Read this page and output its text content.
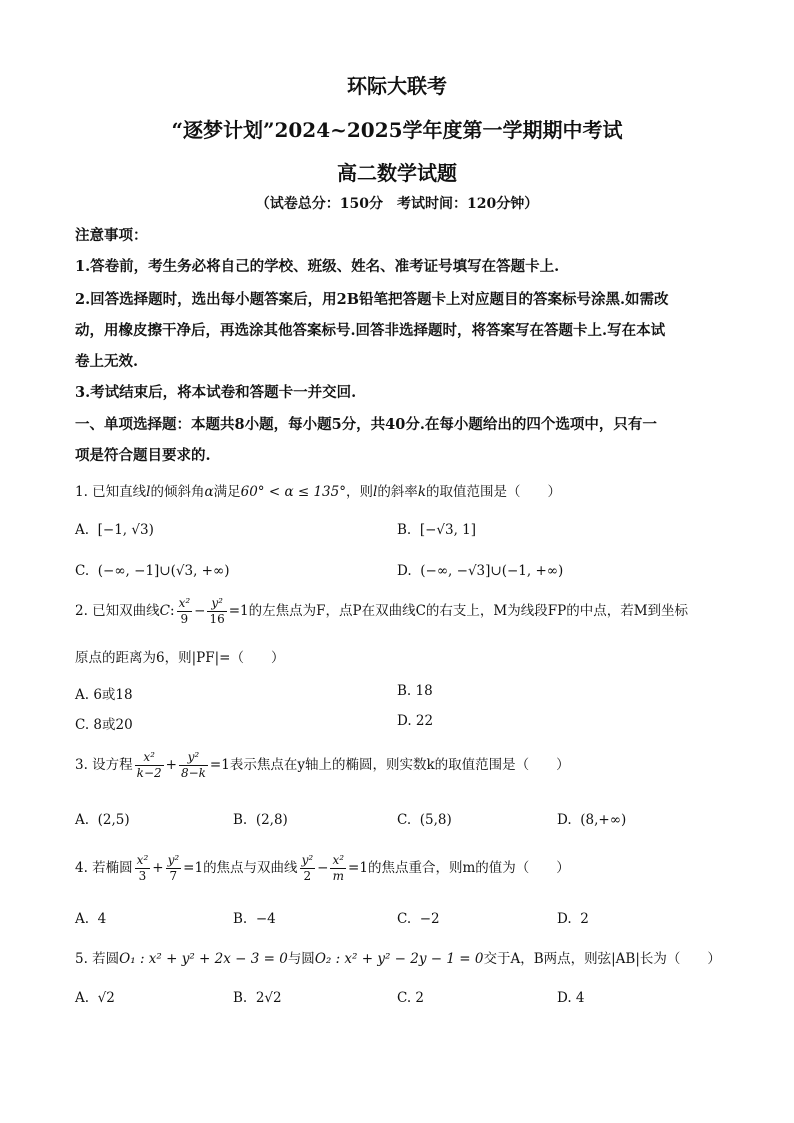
环际大联考
“逐梦计划”2024~2025学年度第一学期期中考试
高二数学试题
（试卷总分：150分　考试时间：120分钟）
注意事项：
1.答卷前，考生务必将自己的学校、班级、姓名、准考证号填写在答题卡上.
2.回答选择题时，选出每小题答案后，用2B铅笔把答题卡上对应题目的答案标号涂黑.如需改
动，用橡皮擦干净后，再选涂其他答案标号.回答非选择题时，将答案写在答题卡上.写在本试
卷上无效.
3.考试结束后，将本试卷和答题卡一并交回.
一、单项选择题：本题共8小题，每小题5分，共40分.在每小题给出的四个选项中，只有一
项是符合题目要求的.
1. 已知直线l的倾斜角α满足60° < α ≤ 135°，则l的斜率k的取值范围是（　　）
A. [−1, √3)	B. [−√3, 1]
C. (−∞, −1]∪(√3, +∞)	D. (−∞, −√3]∪(−1, +∞)
2. 已知双曲线C: $\frac{\text{x²}}{9} - \frac{\text{y²}}{16} =1$的左焦点为F，点P在双曲线C的右支上，M为线段FP的中点，若M到坐标
原点的距离为6，则|PF|=（　　）
A. 6或18	B. 18
C. 8或20	D. 22
3. 设方程 $\frac{\text{x²}}{k-2} + \frac{\text{y²}}{8-k} =1$表示焦点在y轴上的椭圆，则实数k的取值范围是（　　）
A. (2,5)	B. (2,8)	C. (5,8)	D. (8,+∞)
4. 若椭圆 $\frac{\text{x²}}{3} + \frac{\text{y²}}{7} =1$的焦点与双曲线 $\frac{\text{y²}}{2} - \frac{\text{x²}}{m} =1$的焦点重合，则m的值为（　　）
A. 4	B. −4	C. −2	D. 2
5. 若圆O₁ : x² + y² + 2x − 3 = 0与圆O₂ : x² + y² − 2y − 1 = 0交于A，B两点，则弦|AB|长为（　　）
A. √2	B. 2√2	C. 2	D. 4
